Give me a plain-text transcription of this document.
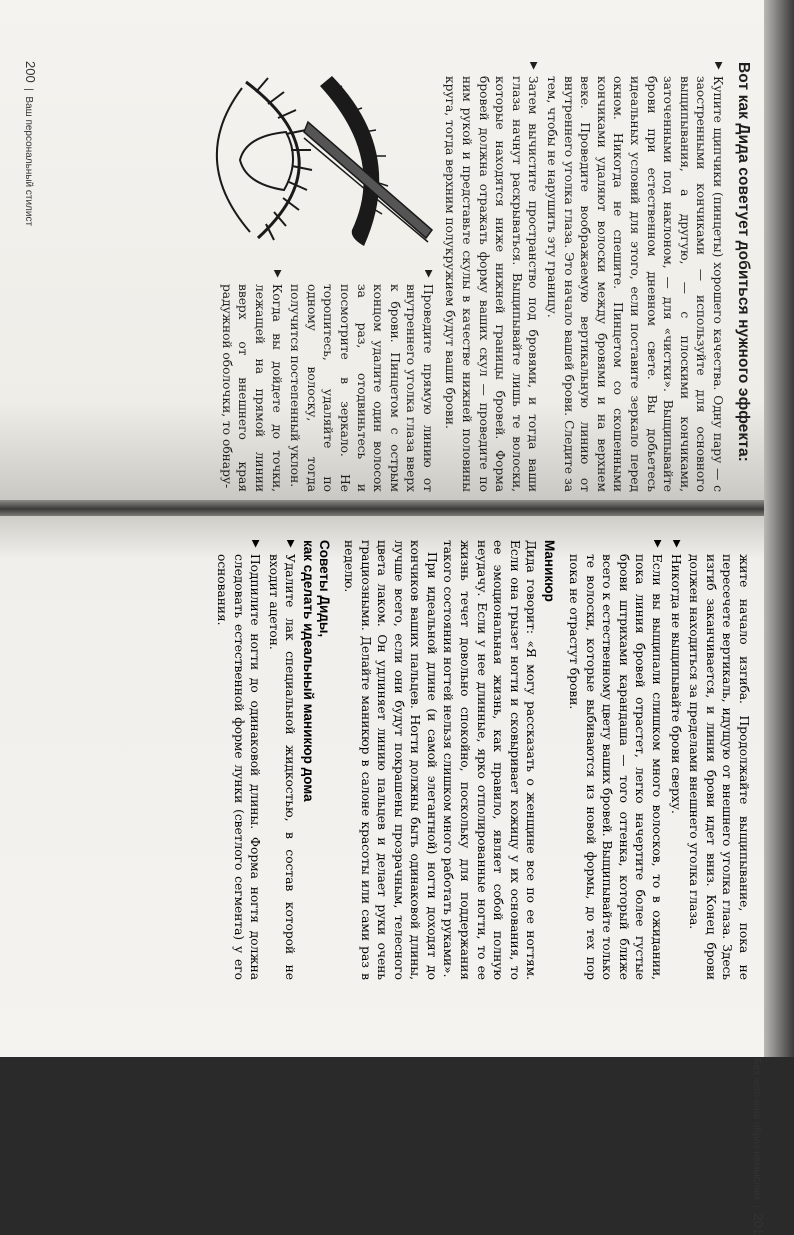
200  |  Ваш персональный стилист	Вот как Дида советует добиться нужного эффекта:
▶ Купите щипчики (пинцеты) хорошего качества. Одну пару — с заостренными кончиками — используйте для основного выщипывания, а другую, — с плоскими кончиками, заточенными под наклоном, — для «чистки». Выщипывайте брови при естественном дневном свете. Вы добьетесь идеальных условий для этого, если поставите зеркало перед окном. Никогда не спешите. Пинцетом со скошенными кончиками удаляют волоски между бровями и на верхнем веке. Проведите воображаемую вертикальную линию от внутреннего уголка глаза. Это начало вашей брови. Следите за тем, чтобы не нарушить эту границу.
▶ Затем вычистите пространство под бровями, и тогда ваши глаза начнут раскрываться. Выщипывайте лишь те волоски, которые находятся ниже нижней границы бровей. Форма бровей должна отражать форму ваших скул — проведите по ним рукой и представьте скулы в качестве нижней половины круга, тогда верхним полукружием будут ваши брови.
▶ Проведите прямую линию от внутреннего уголка глаза вверх к брови. Пинцетом с острым концом удалите один волосок за раз, отодвиньтесь и посмотрите в зеркало. Не торопитесь, удаляйте по одному волоску, тогда получится постепенный уклон.
▶ Когда вы дойдете до точки, лежащей на прямой линии вверх от внешнего края радужной оболочки, то обнару-
Без чего наш образ немыслим  |  201
жите начало изгиба. Продолжайте выщипывание, пока не пересечете вертикаль, идущую от внешнего уголка глаза. Здесь изгиб заканчивается, и линия брови идет вниз. Конец брови должен находиться за пределами внешнего уголка глаза.
▶ Никогда не выщипывайте брови сверху.
▶ Если вы выщипали слишком много волосков, то в ожидании, пока линия бровей отрастет, легко начертите более густые брови штрихами карандаша — того оттенка, который ближе всего к естественному цвету ваших бровей. Выщипывайте только те волоски, которые выбиваются из новой формы, до тех пор пока не отрастут брови.
Маникюр

Дида говорит: «Я могу рассказать о женщине все по ее ногтям. Если она грызет ногти и сковыривает кожицу у их основания, то ее эмоциональная жизнь, как правило, являет собой полную неудачу. Если у нее длинные, ярко отполированные ногти, то ее жизнь течет довольно спокойно, поскольку для поддержания такого состояния ногтей нельзя слишком много работать руками».

При идеальной длине (и самой элегантной) ногти доходят до кончиков ваших пальцев. Ногти должны быть одинаковой длины, лучше всего, если они будут покрашены прозрачным, телесного цвета лаком. Он удлиняет линию пальцев и делает руки очень грациозными. Делайте маникюр в салоне красоты или сами раз в неделю.

Советы Диды,
как сделать идеальный маникюр дома
▶ Удалите лак специальной жидкостью, в состав которой не входит ацетон.
▶ Подпилите ногти до одинаковой длины. Форма ногтя должна следовать естественной форме лунки (светлого сегмента) у его основания.
